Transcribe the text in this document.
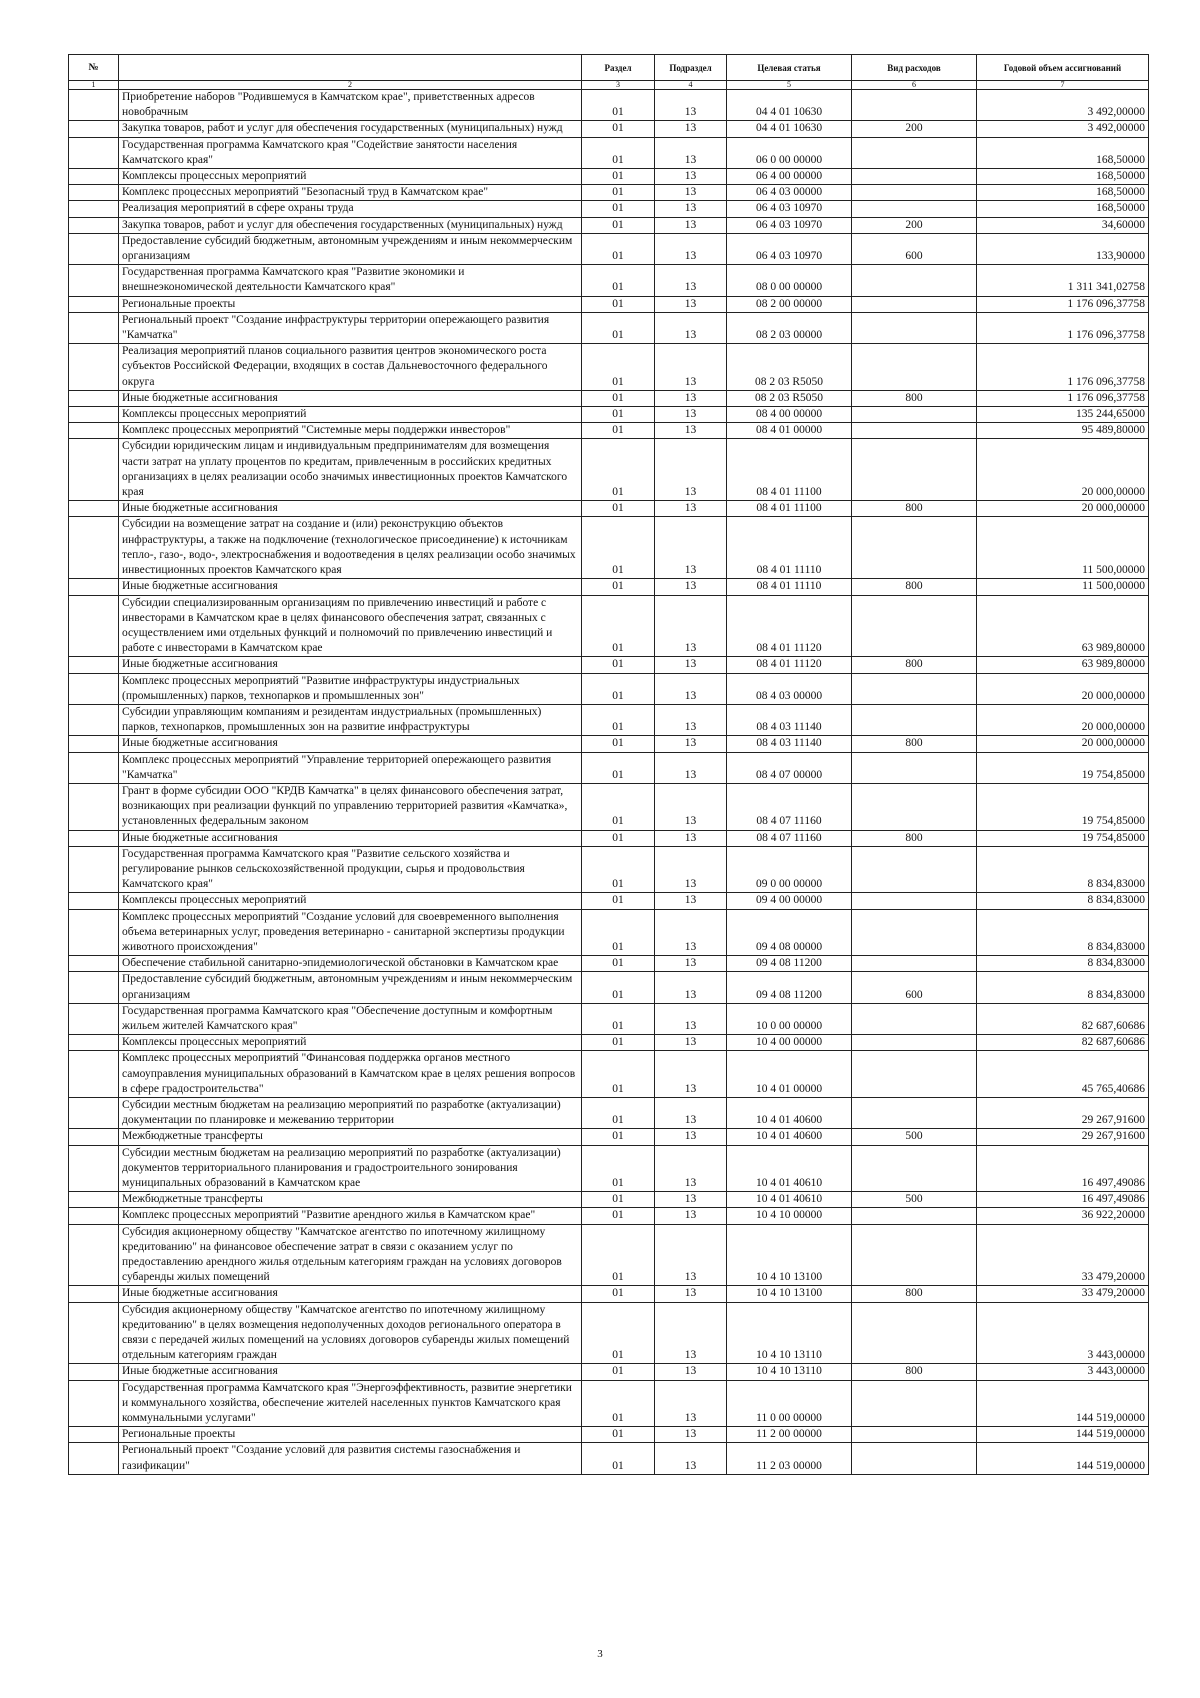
№		Раздел	Подраздел	Целевая статья	Вид расходов	Годовой объем ассигнований
1	2	3	4	5	6	7
	Приобретение наборов "Родившемуся в Камчатском крае", приветственных адресов новобрачным	01	13	04 4 01 10630		3 492,00000
	Закупка товаров, работ и услуг для обеспечения государственных (муниципальных) нужд	01	13	04 4 01 10630	200	3 492,00000
	Государственная программа Камчатского края "Содействие занятости населения Камчатского края"	01	13	06 0 00 00000		168,50000
	Комплексы процессных мероприятий	01	13	06 4 00 00000		168,50000
	Комплекс процессных мероприятий "Безопасный труд в Камчатском крае"	01	13	06 4 03 00000		168,50000
	Реализация мероприятий в сфере охраны труда	01	13	06 4 03 10970		168,50000
	Закупка товаров, работ и услуг для обеспечения государственных (муниципальных) нужд	01	13	06 4 03 10970	200	34,60000
	Предоставление субсидий бюджетным, автономным учреждениям и иным некоммерческим организациям	01	13	06 4 03 10970	600	133,90000
	Государственная программа Камчатского края "Развитие экономики и внешнеэкономической деятельности Камчатского края"	01	13	08 0 00 00000		1 311 341,02758
	Региональные проекты	01	13	08 2 00 00000		1 176 096,37758
	Региональный проект "Создание инфраструктуры территории опережающего развития "Камчатка"	01	13	08 2 03 00000		1 176 096,37758
	Реализация мероприятий планов социального развития центров экономического роста субъектов Российской Федерации, входящих в состав Дальневосточного федерального округа	01	13	08 2 03 R5050		1 176 096,37758
	Иные бюджетные ассигнования	01	13	08 2 03 R5050	800	1 176 096,37758
	Комплексы процессных мероприятий	01	13	08 4 00 00000		135 244,65000
	Комплекс процессных мероприятий "Системные меры поддержки инвесторов"	01	13	08 4 01 00000		95 489,80000
	Субсидии юридическим лицам и индивидуальным предпринимателям для возмещения части затрат на уплату процентов по кредитам, привлеченным в российских кредитных организациях в целях реализации особо значимых инвестиционных проектов Камчатского края	01	13	08 4 01 11100		20 000,00000
	Иные бюджетные ассигнования	01	13	08 4 01 11100	800	20 000,00000
	Субсидии на возмещение затрат на создание и (или) реконструкцию объектов инфраструктуры, а также на подключение (технологическое присоединение) к источникам тепло-, газо-, водо-, электроснабжения и водоотведения в целях реализации особо значимых инвестиционных проектов Камчатского края	01	13	08 4 01 11110		11 500,00000
	Иные бюджетные ассигнования	01	13	08 4 01 11110	800	11 500,00000
	Субсидии специализированным организациям по привлечению инвестиций и работе с инвесторами в Камчатском крае в целях финансового обеспечения затрат, связанных с осуществлением ими отдельных функций и полномочий по привлечению инвестиций и работе с инвесторами в Камчатском крае	01	13	08 4 01 11120		63 989,80000
	Иные бюджетные ассигнования	01	13	08 4 01 11120	800	63 989,80000
	Комплекс процессных мероприятий "Развитие инфраструктуры индустриальных (промышленных) парков, технопарков и промышленных зон"	01	13	08 4 03 00000		20 000,00000
	Субсидии управляющим компаниям и резидентам индустриальных (промышленных) парков, технопарков, промышленных зон на развитие инфраструктуры	01	13	08 4 03 11140		20 000,00000
	Иные бюджетные ассигнования	01	13	08 4 03 11140	800	20 000,00000
	Комплекс процессных мероприятий "Управление территорией опережающего развития "Камчатка"	01	13	08 4 07 00000		19 754,85000
	Грант в форме субсидии ООО "КРДВ Камчатка" в целях финансового обеспечения затрат, возникающих при реализации функций по управлению территорией развития «Камчатка», установленных федеральным законом	01	13	08 4 07 11160		19 754,85000
	Иные бюджетные ассигнования	01	13	08 4 07 11160	800	19 754,85000
	Государственная программа Камчатского края "Развитие сельского хозяйства и регулирование рынков сельскохозяйственной продукции, сырья и продовольствия Камчатского края"	01	13	09 0 00 00000		8 834,83000
	Комплексы процессных мероприятий	01	13	09 4 00 00000		8 834,83000
	Комплекс процессных мероприятий "Создание условий для своевременного выполнения объема ветеринарных услуг, проведения ветеринарно - санитарной экспертизы продукции животного происхождения"	01	13	09 4 08 00000		8 834,83000
	Обеспечение стабильной санитарно-эпидемиологической обстановки в Камчатском крае	01	13	09 4 08 11200		8 834,83000
	Предоставление субсидий бюджетным, автономным учреждениям и иным некоммерческим организациям	01	13	09 4 08 11200	600	8 834,83000
	Государственная программа Камчатского края "Обеспечение доступным и комфортным жильем жителей Камчатского края"	01	13	10 0 00 00000		82 687,60686
	Комплексы процессных мероприятий	01	13	10 4 00 00000		82 687,60686
	Комплекс процессных мероприятий "Финансовая поддержка органов местного самоуправления муниципальных образований в Камчатском крае в целях решения вопросов в сфере градостроительства"	01	13	10 4 01 00000		45 765,40686
	Субсидии местным бюджетам на реализацию мероприятий по разработке (актуализации) документации по планировке и межеванию территории	01	13	10 4 01 40600		29 267,91600
	Межбюджетные трансферты	01	13	10 4 01 40600	500	29 267,91600
	Субсидии местным бюджетам на реализацию мероприятий по разработке (актуализации) документов территориального планирования и градостроительного зонирования муниципальных образований в Камчатском крае	01	13	10 4 01 40610		16 497,49086
	Межбюджетные трансферты	01	13	10 4 01 40610	500	16 497,49086
	Комплекс процессных мероприятий "Развитие арендного жилья в Камчатском крае"	01	13	10 4 10 00000		36 922,20000
	Субсидия акционерному обществу "Камчатское агентство по ипотечному жилищному кредитованию" на финансовое обеспечение затрат в связи с оказанием услуг по предоставлению арендного жилья отдельным категориям граждан на условиях договоров субаренды жилых помещений	01	13	10 4 10 13100		33 479,20000
	Иные бюджетные ассигнования	01	13	10 4 10 13100	800	33 479,20000
	Субсидия акционерному обществу "Камчатское агентство по ипотечному жилищному кредитованию" в целях возмещения недополученных доходов регионального оператора в связи с передачей жилых помещений на условиях договоров субаренды жилых помещений отдельным категориям граждан	01	13	10 4 10 13110		3 443,00000
	Иные бюджетные ассигнования	01	13	10 4 10 13110	800	3 443,00000
	Государственная программа Камчатского края "Энергоэффективность, развитие энергетики и коммунального хозяйства, обеспечение жителей населенных пунктов Камчатского края коммунальными услугами"	01	13	11 0 00 00000		144 519,00000
	Региональные проекты	01	13	11 2 00 00000		144 519,00000
	Региональный проект "Создание условий для развития системы газоснабжения и газификации"	01	13	11 2 03 00000		144 519,00000
3
